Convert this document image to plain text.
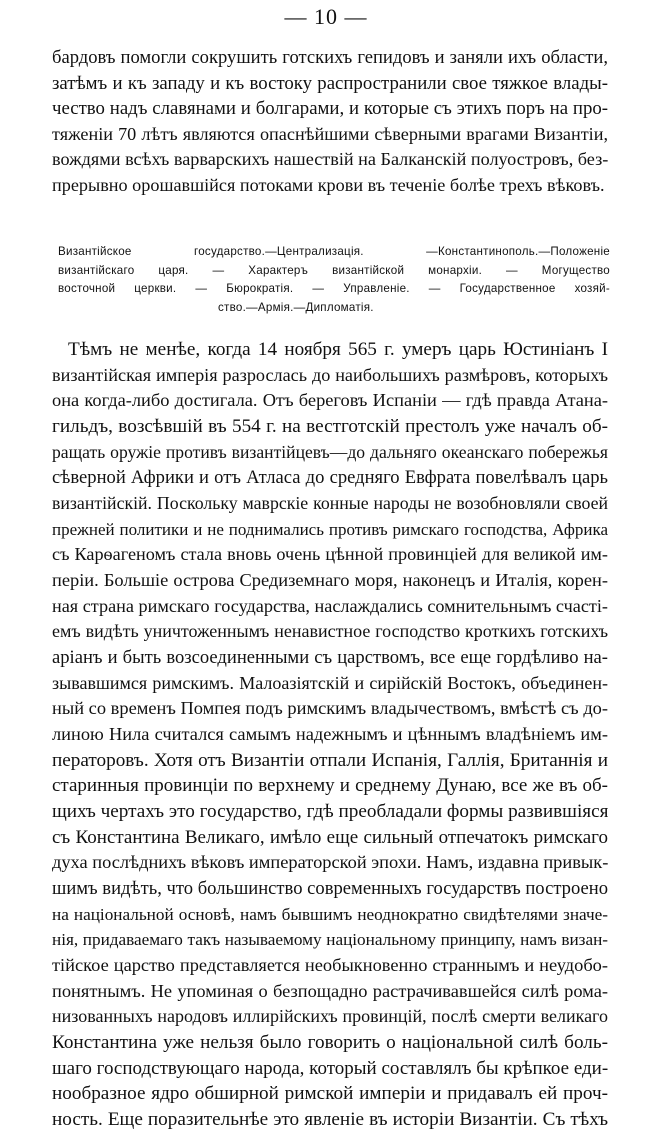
— 10 —
бардовъ помогли сокрушить готскихъ гепидовъ и заняли ихъ области,
затѣмъ и къ западу и къ востоку распространили свое тяжкое влады-
чество надъ славянами и болгарами, и которые съ этихъ поръ на про-
тяженіи 70 лѣтъ являются опаснѣйшими сѣверными врагами Византіи,
вождями всѣхъ варварскихъ нашествій на Балканскій полуостровъ, без-
прерывно орошавшійся потоками крови въ теченіе болѣе трехъ вѣковъ.
Византійское государство.—Централизація. —Константинополь.—Положеніе
византійскаго царя. — Характеръ византійской монархіи. — Могущество
восточной церкви. — Бюрократія. — Управленіе. — Государственное хозяй-
ство.—Армія.—Дипломатія.
Тѣмъ не менѣе, когда 14 ноября 565 г. умеръ царь Юстиніанъ I
византійская имперія разрослась до наибольшихъ размѣровъ, которыхъ
она когда-либо достигала. Отъ береговъ Испаніи — гдѣ правда Атана-
гильдъ, возсѣвшій въ 554 г. на вестготскій престолъ уже началъ об-
ращать оружіе противъ византійцевъ—до дальняго океанскаго побережья
сѣверной Африки и отъ Атласа до средняго Евфрата повелѣвалъ царь
византійскій. Поскольку маврскіе конные народы не возобновляли своей
прежней политики и не поднимались противъ римскаго господства, Африка
съ Карѳагеномъ стала вновь очень цѣнной провинціей для великой им-
періи. Большіе острова Средиземнаго моря, наконецъ и Италія, корен-
ная страна римскаго государства, наслаждались сомнительнымъ счасті-
емъ видѣть уничтоженнымъ ненавистное господство кроткихъ готскихъ
аріанъ и быть возсоединенными съ царствомъ, все еще гордѣливо на-
зывавшимся римскимъ. Малоазіятскій и сирійскій Востокъ, объединен-
ный со временъ Помпея подъ римскимъ владычествомъ, вмѣстѣ съ до-
линою Нила считался самымъ надежнымъ и цѣннымъ владѣніемъ им-
ператоровъ. Хотя отъ Византіи отпали Испанія, Галлія, Британнія и
старинныя провинціи по верхнему и среднему Дунаю, все же въ об-
щихъ чертахъ это государство, гдѣ преобладали формы развившіяся
съ Константина Великаго, имѣло еще сильный отпечатокъ римскаго
духа послѣднихъ вѣковъ императорской эпохи. Намъ, издавна привык-
шимъ видѣть, что большинство современныхъ государствъ построено
на національной основѣ, намъ бывшимъ неоднократно свидѣтелями значе-
нія, придаваемаго такъ называемому національному принципу, намъ визан-
тійское царство представляется необыкновенно страннымъ и неудобо-
понятнымъ. Не упоминая о безпощадно растрачивавшейся силѣ рома-
низованныхъ народовъ иллирійскихъ провинцій, послѣ смерти великаго
Константина уже нельзя было говорить о національной силѣ боль-
шаго господствующаго народа, который составлялъ бы крѣпкое еди-
нообразное ядро обширной римской имперіи и придавалъ ей проч-
ность. Еще поразительнѣе это явленіе въ исторіи Византіи. Съ тѣхъ
